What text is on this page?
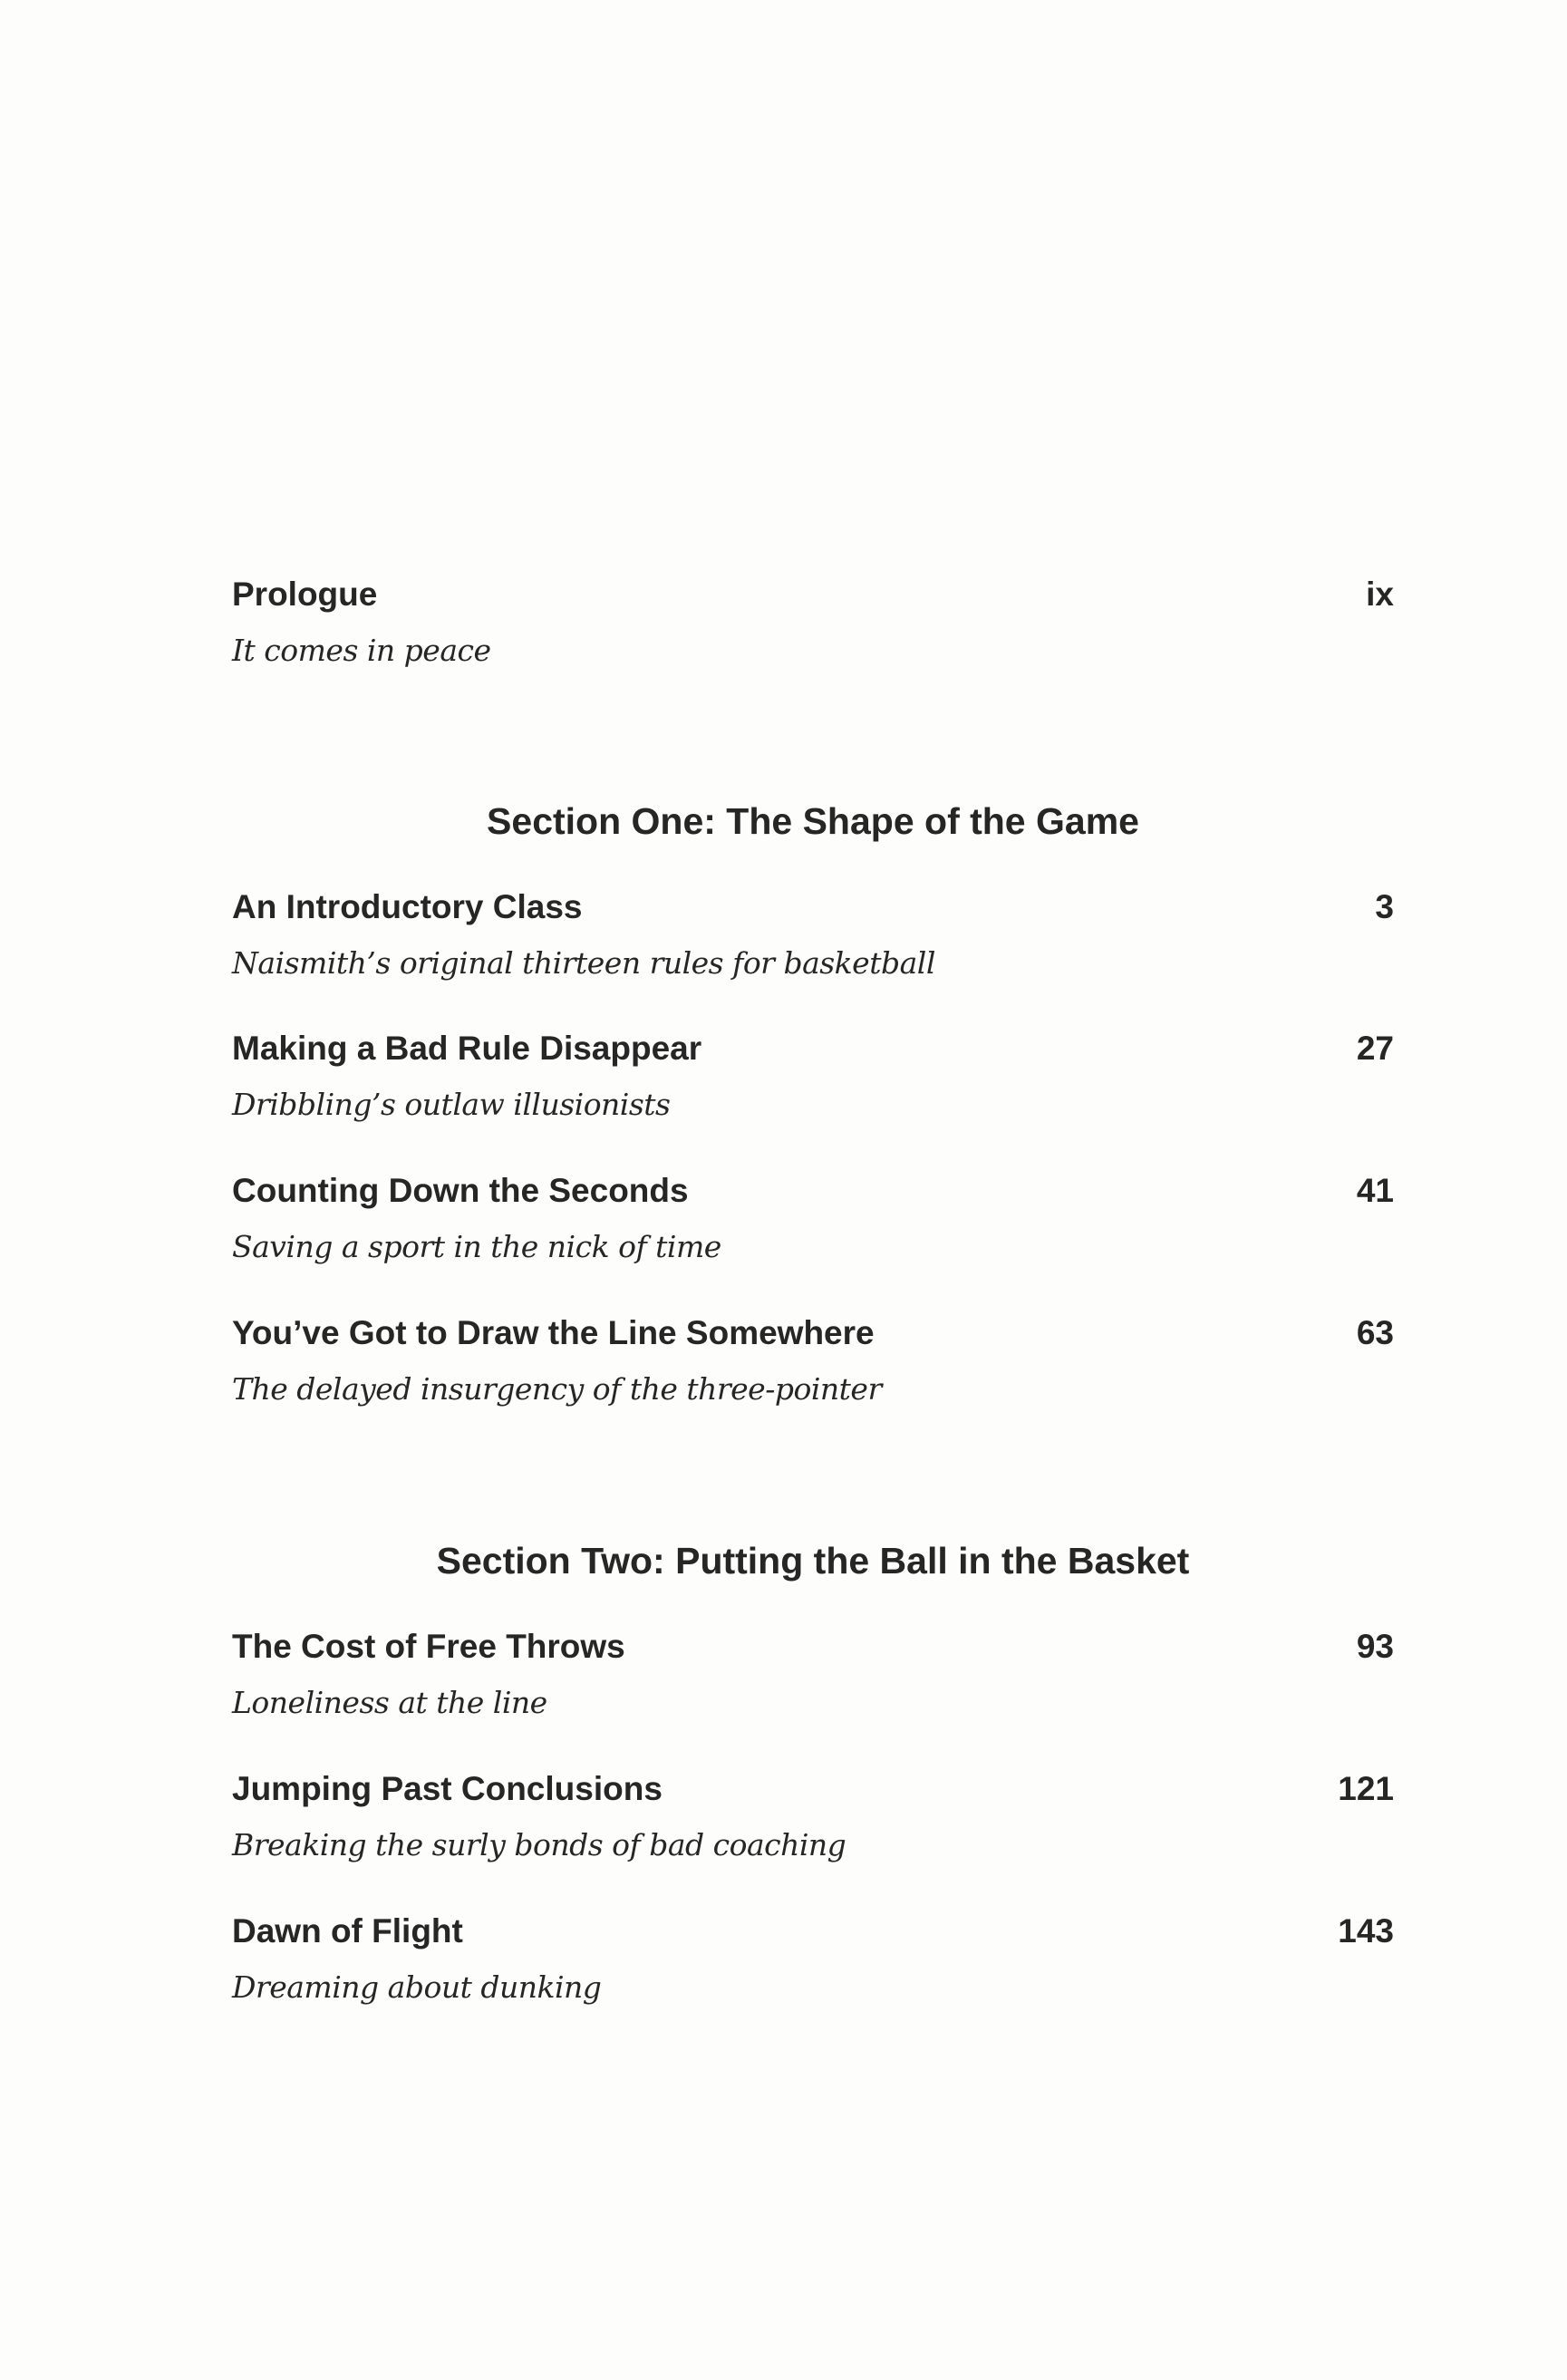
Prologue	ix
It comes in peace
Section One: The Shape of the Game
An Introductory Class	3
Naismith’s original thirteen rules for basketball
Making a Bad Rule Disappear	27
Dribbling’s outlaw illusionists
Counting Down the Seconds	41
Saving a sport in the nick of time
You’ve Got to Draw the Line Somewhere	63
The delayed insurgency of the three-pointer
Section Two: Putting the Ball in the Basket
The Cost of Free Throws	93
Loneliness at the line
Jumping Past Conclusions	121
Breaking the surly bonds of bad coaching
Dawn of Flight	143
Dreaming about dunking
